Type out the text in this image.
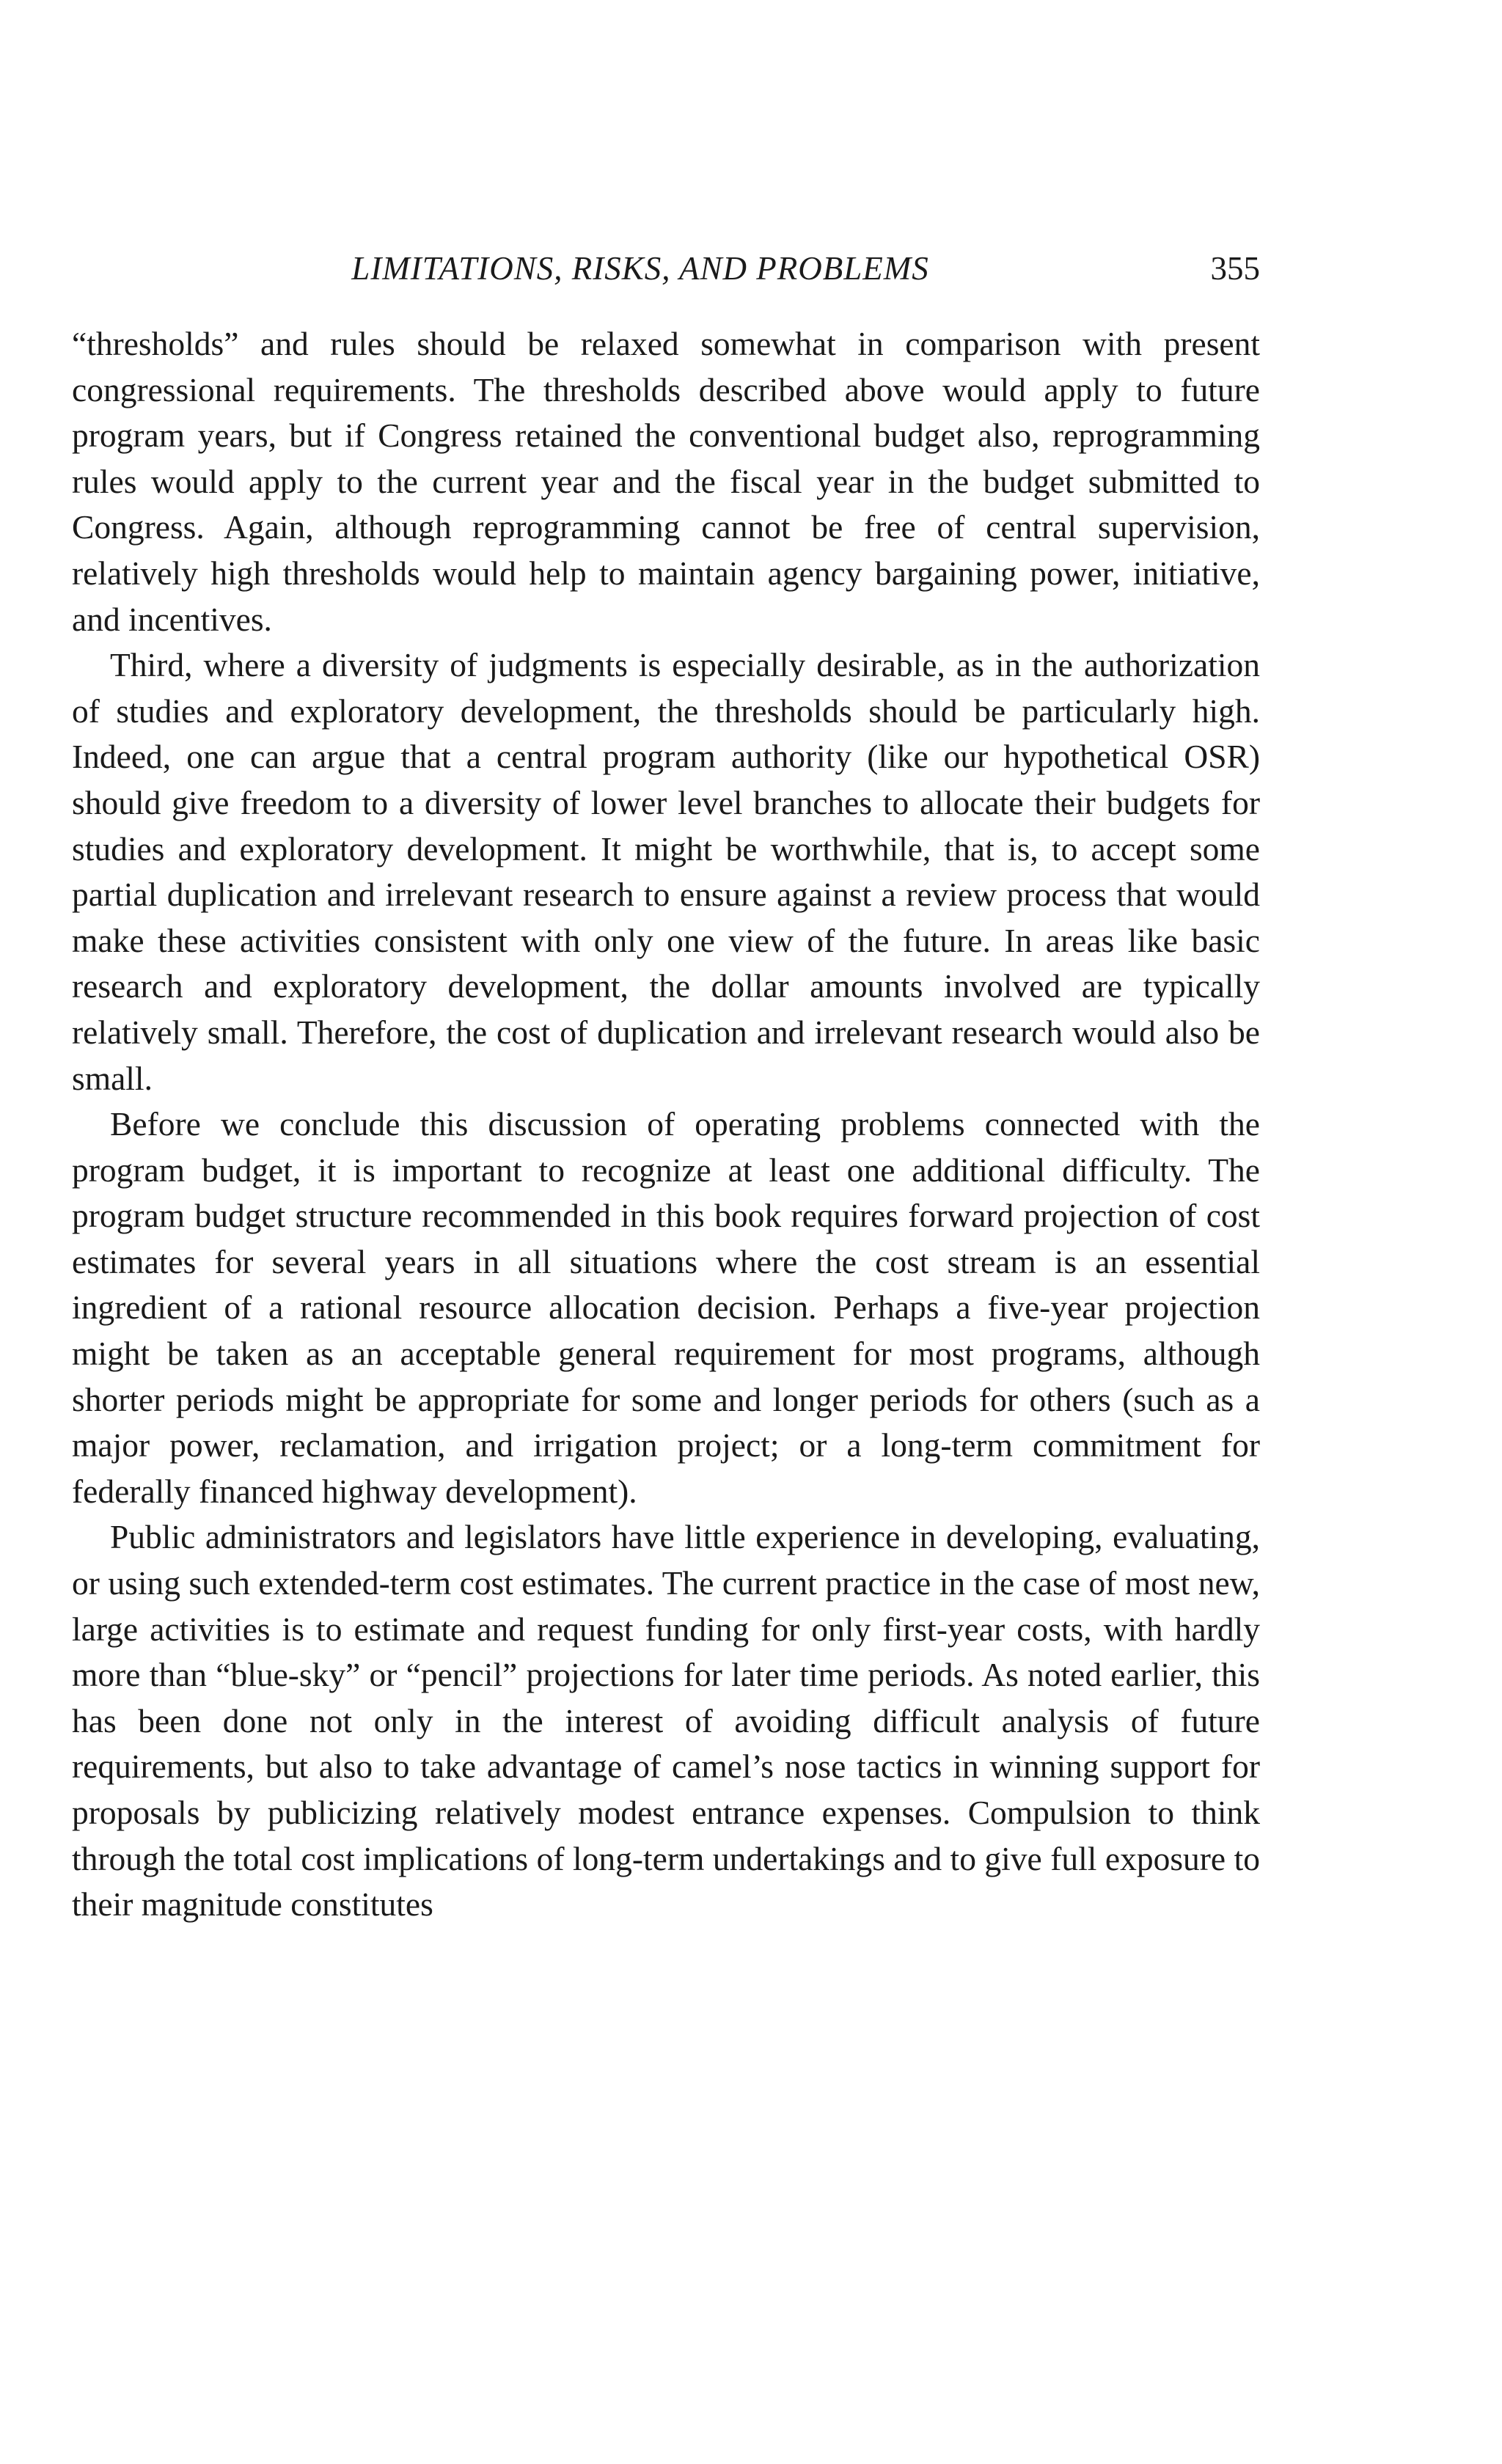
LIMITATIONS, RISKS, AND PROBLEMS	355

“thresholds” and rules should be relaxed somewhat in comparison with present congressional requirements. The thresholds described above would apply to future program years, but if Congress retained the conventional budget also, reprogramming rules would apply to the current year and the fiscal year in the budget submitted to Congress. Again, although reprogramming cannot be free of central supervision, relatively high thresholds would help to maintain agency bargaining power, initiative, and incentives.

Third, where a diversity of judgments is especially desirable, as in the authorization of studies and exploratory development, the thresholds should be particularly high. Indeed, one can argue that a central program authority (like our hypothetical OSR) should give freedom to a diversity of lower level branches to allocate their budgets for studies and exploratory development. It might be worthwhile, that is, to accept some partial duplication and irrelevant research to ensure against a review process that would make these activities consistent with only one view of the future. In areas like basic research and exploratory development, the dollar amounts involved are typically relatively small. Therefore, the cost of duplication and irrelevant research would also be small.

Before we conclude this discussion of operating problems connected with the program budget, it is important to recognize at least one additional difficulty. The program budget structure recommended in this book requires forward projection of cost estimates for several years in all situations where the cost stream is an essential ingredient of a rational resource allocation decision. Perhaps a five-year projection might be taken as an acceptable general requirement for most programs, although shorter periods might be appropriate for some and longer periods for others (such as a major power, reclamation, and irrigation project; or a long-term commitment for federally financed highway development).

Public administrators and legislators have little experience in developing, evaluating, or using such extended-term cost estimates. The current practice in the case of most new, large activities is to estimate and request funding for only first-year costs, with hardly more than “blue-sky” or “pencil” projections for later time periods. As noted earlier, this has been done not only in the interest of avoiding difficult analysis of future requirements, but also to take advantage of camel’s nose tactics in winning support for proposals by publicizing relatively modest entrance expenses. Compulsion to think through the total cost implications of long-term undertakings and to give full exposure to their magnitude constitutes
